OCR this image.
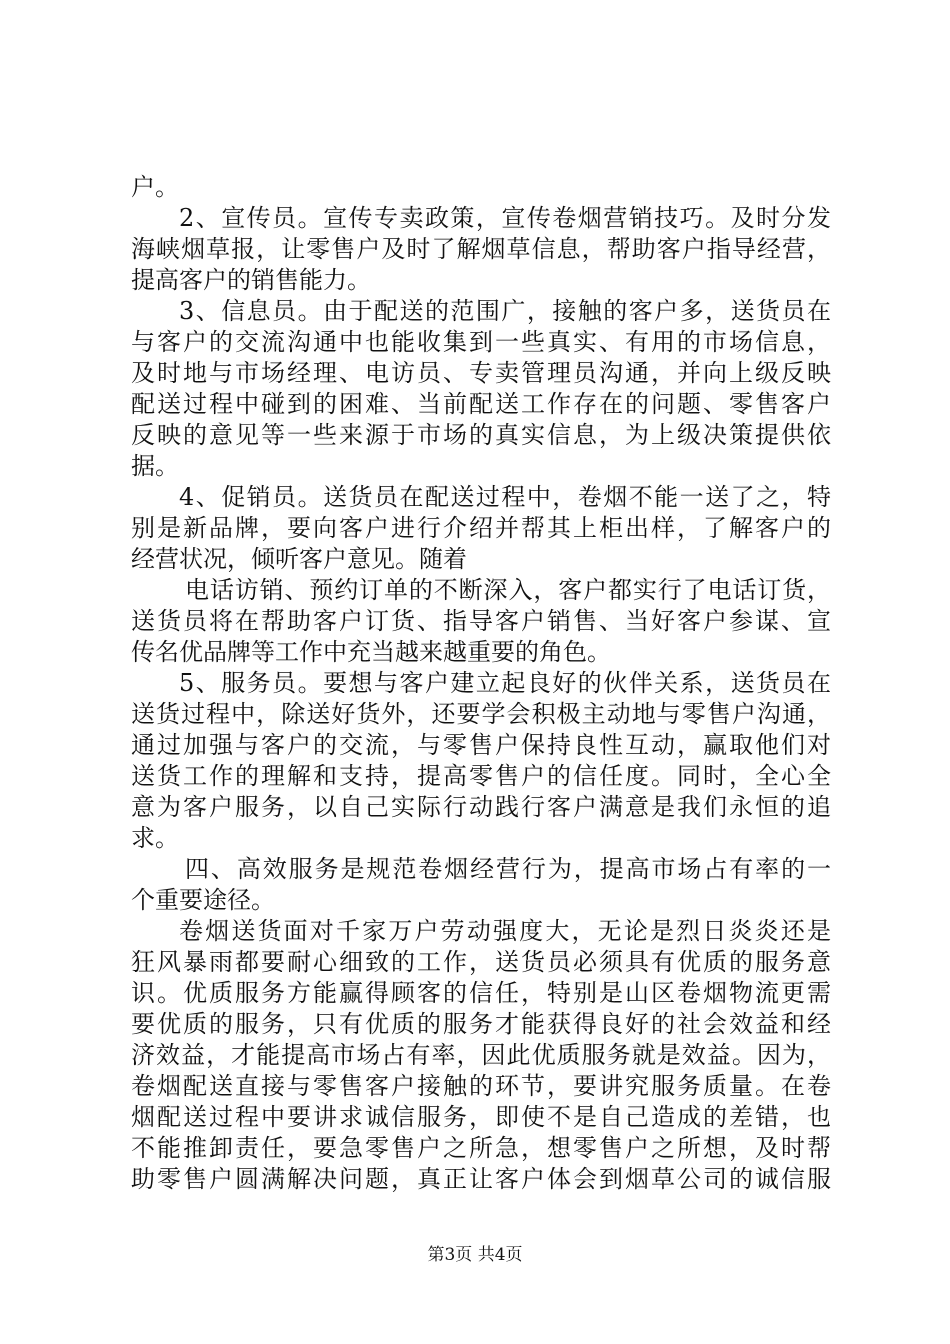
户。
2、宣传员。宣传专卖政策，宣传卷烟营销技巧。及时分发
海峡烟草报，让零售户及时了解烟草信息，帮助客户指导经营，
提高客户的销售能力。
3、信息员。由于配送的范围广，接触的客户多，送货员在
与客户的交流沟通中也能收集到一些真实、有用的市场信息，
及时地与市场经理、电访员、专卖管理员沟通，并向上级反映
配送过程中碰到的困难、当前配送工作存在的问题、零售客户
反映的意见等一些来源于市场的真实信息，为上级决策提供依
据。
4、促销员。送货员在配送过程中，卷烟不能一送了之，特
别是新品牌，要向客户进行介绍并帮其上柜出样，了解客户的
经营状况，倾听客户意见。随着
电话访销、预约订单的不断深入，客户都实行了电话订货，
送货员将在帮助客户订货、指导客户销售、当好客户参谋、宣
传名优品牌等工作中充当越来越重要的角色。
5、服务员。要想与客户建立起良好的伙伴关系，送货员在
送货过程中，除送好货外，还要学会积极主动地与零售户沟通，
通过加强与客户的交流，与零售户保持良性互动，赢取他们对
送货工作的理解和支持，提高零售户的信任度。同时，全心全
意为客户服务，以自己实际行动践行客户满意是我们永恒的追
求。
四、高效服务是规范卷烟经营行为，提高市场占有率的一
个重要途径。
卷烟送货面对千家万户劳动强度大，无论是烈日炎炎还是
狂风暴雨都要耐心细致的工作，送货员必须具有优质的服务意
识。优质服务方能赢得顾客的信任，特别是山区卷烟物流更需
要优质的服务，只有优质的服务才能获得良好的社会效益和经
济效益，才能提高市场占有率，因此优质服务就是效益。因为，
卷烟配送直接与零售客户接触的环节，要讲究服务质量。在卷
烟配送过程中要讲求诚信服务，即使不是自己造成的差错，也
不能推卸责任，要急零售户之所急，想零售户之所想，及时帮
助零售户圆满解决问题，真正让客户体会到烟草公司的诚信服
第3页 共4页
